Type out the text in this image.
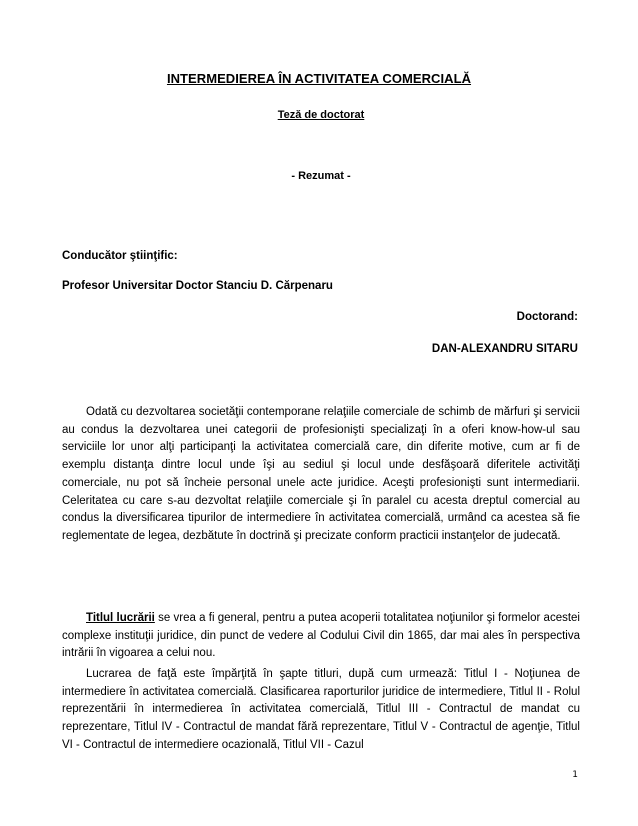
INTERMEDIEREA ÎN ACTIVITATEA COMERCIALĂ
Teză de doctorat
- Rezumat -
Conducător ştiinţific:
Profesor Universitar Doctor Stanciu D. Cărpenaru
Doctorand:
DAN-ALEXANDRU SITARU

Odată cu dezvoltarea societăţii contemporane relaţiile comerciale de schimb de mărfuri şi servicii au condus la dezvoltarea unei categorii de profesionişti specializaţi în a oferi know-how-ul sau serviciile lor unor alţi participanţi la activitatea comercială care, din diferite motive, cum ar fi de exemplu distanţa dintre locul unde îşi au sediul şi locul unde desfăşoară diferitele activităţi comerciale, nu pot să încheie personal unele acte juridice. Aceşti profesionişti sunt intermediarii. Celeritatea cu care s-au dezvoltat relaţiile comerciale şi în paralel cu acesta dreptul comercial au condus la diversificarea tipurilor de intermediere în activitatea comercială, urmând ca acestea să fie reglementate de legea, dezbătute în doctrină şi precizate conform practicii instanţelor de judecată.

Titlul lucrării se vrea a fi general, pentru a putea acoperii totalitatea noţiunilor şi formelor acestei complexe instituţii juridice, din punct de vedere al Codului Civil din 1865, dar mai ales în perspectiva intrării în vigoarea a celui nou.

Lucrarea de faţă este împărţită în şapte titluri, după cum urmează: Titlul I - Noţiunea de intermediere în activitatea comercială. Clasificarea raporturilor juridice de intermediere, Titlul II - Rolul reprezentării în intermedierea în activitatea comercială, Titlul III - Contractul de mandat cu reprezentare, Titlul IV - Contractul de mandat fără reprezentare, Titlul V - Contractul de agenţie, Titlul VI - Contractul de intermediere ocazională, Titlul VII - Cazul

1
